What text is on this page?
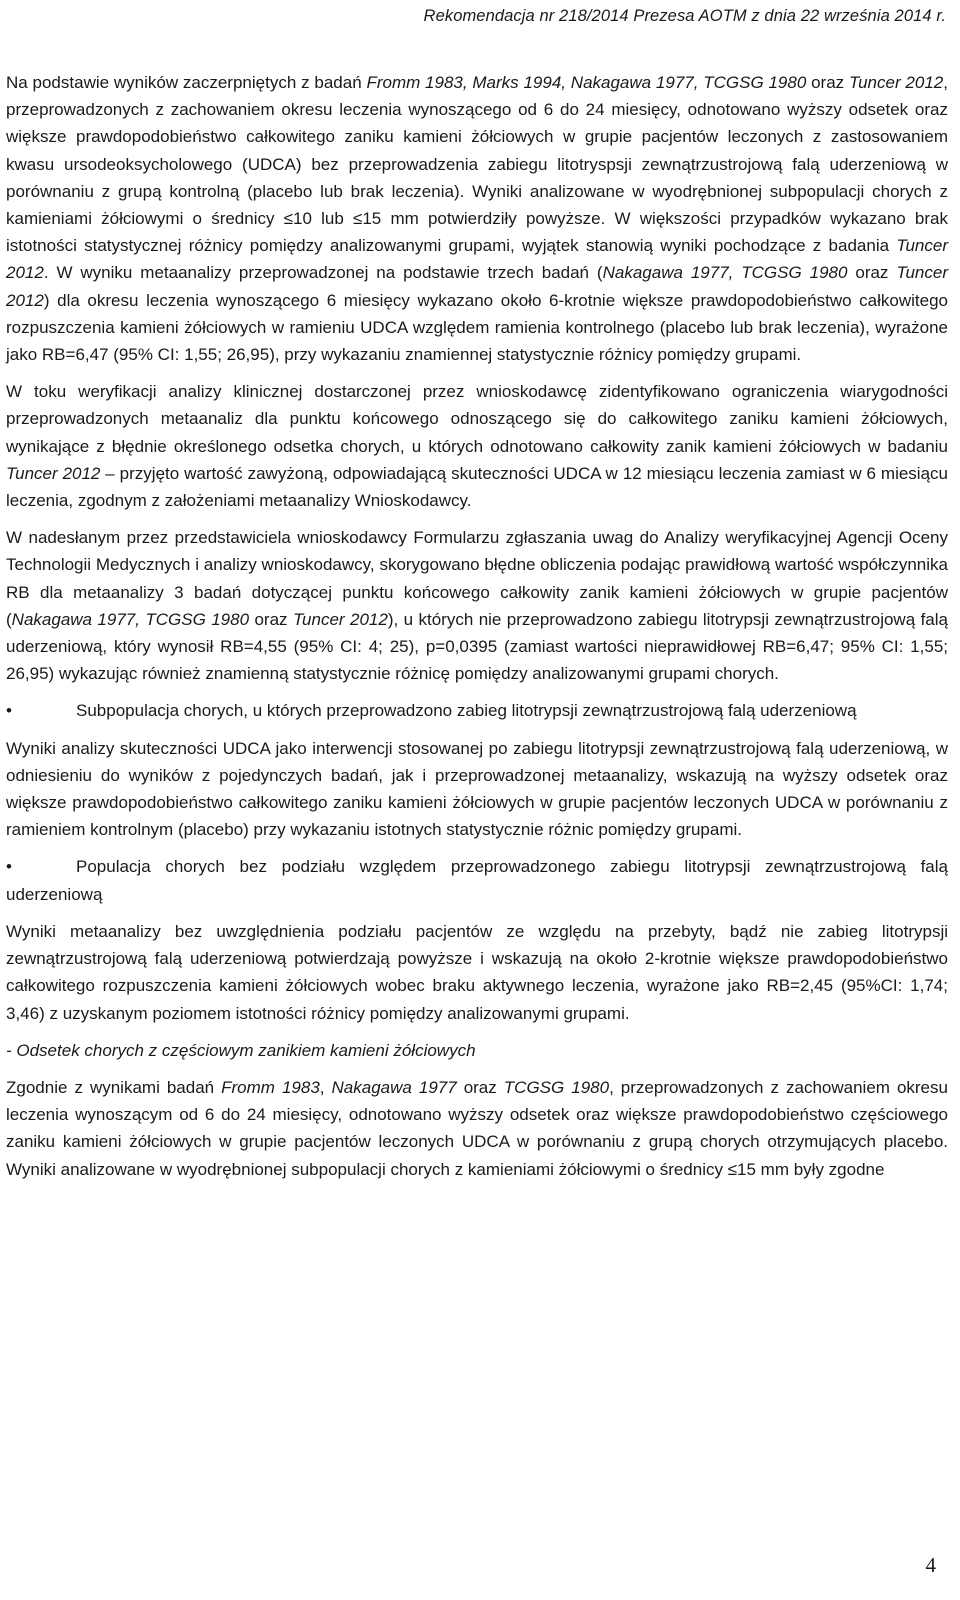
Rekomendacja nr 218/2014 Prezesa AOTM z dnia 22 września 2014 r.

Na podstawie wyników zaczerpniętych z badań Fromm 1983, Marks 1994, Nakagawa 1977, TCGSG 1980 oraz Tuncer 2012, przeprowadzonych z zachowaniem okresu leczenia wynoszącego od 6 do 24 miesięcy, odnotowano wyższy odsetek oraz większe prawdopodobieństwo całkowitego zaniku kamieni żółciowych w grupie pacjentów leczonych z zastosowaniem kwasu ursodeoksycholowego (UDCA) bez przeprowadzenia zabiegu litotryspsji zewnątrzustrojową falą uderzeniową w porównaniu z grupą kontrolną (placebo lub brak leczenia). Wyniki analizowane w wyodrębnionej subpopulacji chorych z kamieniami żółciowymi o średnicy ≤10 lub ≤15 mm potwierdziły powyższe. W większości przypadków wykazano brak istotności statystycznej różnicy pomiędzy analizowanymi grupami, wyjątek stanowią wyniki pochodzące z badania Tuncer 2012. W wyniku metaanalizy przeprowadzonej na podstawie trzech badań (Nakagawa 1977, TCGSG 1980 oraz Tuncer 2012) dla okresu leczenia wynoszącego 6 miesięcy wykazano około 6-krotnie większe prawdopodobieństwo całkowitego rozpuszczenia kamieni żółciowych w ramieniu UDCA względem ramienia kontrolnego (placebo lub brak leczenia), wyrażone jako RB=6,47 (95% CI: 1,55; 26,95), przy wykazaniu znamiennej statystycznie różnicy pomiędzy grupami.

W toku weryfikacji analizy klinicznej dostarczonej przez wnioskodawcę zidentyfikowano ograniczenia wiarygodności przeprowadzonych metaanaliz dla punktu końcowego odnoszącego się do całkowitego zaniku kamieni żółciowych, wynikające z błędnie określonego odsetka chorych, u których odnotowano całkowity zanik kamieni żółciowych w badaniu Tuncer 2012 – przyjęto wartość zawyżoną, odpowiadającą skuteczności UDCA w 12 miesiącu leczenia zamiast w 6 miesiącu leczenia, zgodnym z założeniami metaanalizy Wnioskodawcy.

W nadesłanym przez przedstawiciela wnioskodawcy Formularzu zgłaszania uwag do Analizy weryfikacyjnej Agencji Oceny Technologii Medycznych i analizy wnioskodawcy, skorygowano błędne obliczenia podając prawidłową wartość współczynnika RB dla metaanalizy 3 badań dotyczącej punktu końcowego całkowity zanik kamieni żółciowych w grupie pacjentów (Nakagawa 1977, TCGSG 1980 oraz Tuncer 2012), u których nie przeprowadzono zabiegu litotrypsji zewnątrzustrojową falą uderzeniową, który wynosił RB=4,55 (95% CI: 4; 25), p=0,0395 (zamiast wartości nieprawidłowej RB=6,47; 95% CI: 1,55; 26,95) wykazując również znamienną statystycznie różnicę pomiędzy analizowanymi grupami chorych.

•	Subpopulacja chorych, u których przeprowadzono zabieg litotrypsji zewnątrzustrojową falą uderzeniową

Wyniki analizy skuteczności UDCA jako interwencji stosowanej po zabiegu litotrypsji zewnątrzustrojową falą uderzeniową, w odniesieniu do wyników z pojedynczych badań, jak i przeprowadzonej metaanalizy, wskazują na wyższy odsetek oraz większe prawdopodobieństwo całkowitego zaniku kamieni żółciowych w grupie pacjentów leczonych UDCA w porównaniu z ramieniem kontrolnym (placebo) przy wykazaniu istotnych statystycznie różnic pomiędzy grupami.

•	Populacja chorych bez podziału względem przeprowadzonego zabiegu litotrypsji zewnątrzustrojową falą uderzeniową

Wyniki metaanalizy bez uwzględnienia podziału pacjentów ze względu na przebyty, bądź nie zabieg litotrypsji zewnątrzustrojową falą uderzeniową potwierdzają powyższe i wskazują na około 2-krotnie większe prawdopodobieństwo całkowitego rozpuszczenia kamieni żółciowych wobec braku aktywnego leczenia, wyrażone jako RB=2,45 (95%CI: 1,74; 3,46) z uzyskanym poziomem istotności różnicy pomiędzy analizowanymi grupami.

- Odsetek chorych z częściowym zanikiem kamieni żółciowych

Zgodnie z wynikami badań Fromm 1983, Nakagawa 1977 oraz TCGSG 1980, przeprowadzonych z zachowaniem okresu leczenia wynoszącym od 6 do 24 miesięcy, odnotowano wyższy odsetek oraz większe prawdopodobieństwo częściowego zaniku kamieni żółciowych w grupie pacjentów leczonych UDCA w porównaniu z grupą chorych otrzymujących placebo. Wyniki analizowane w wyodrębnionej subpopulacji chorych z kamieniami żółciowymi o średnicy ≤15 mm były zgodne

4
